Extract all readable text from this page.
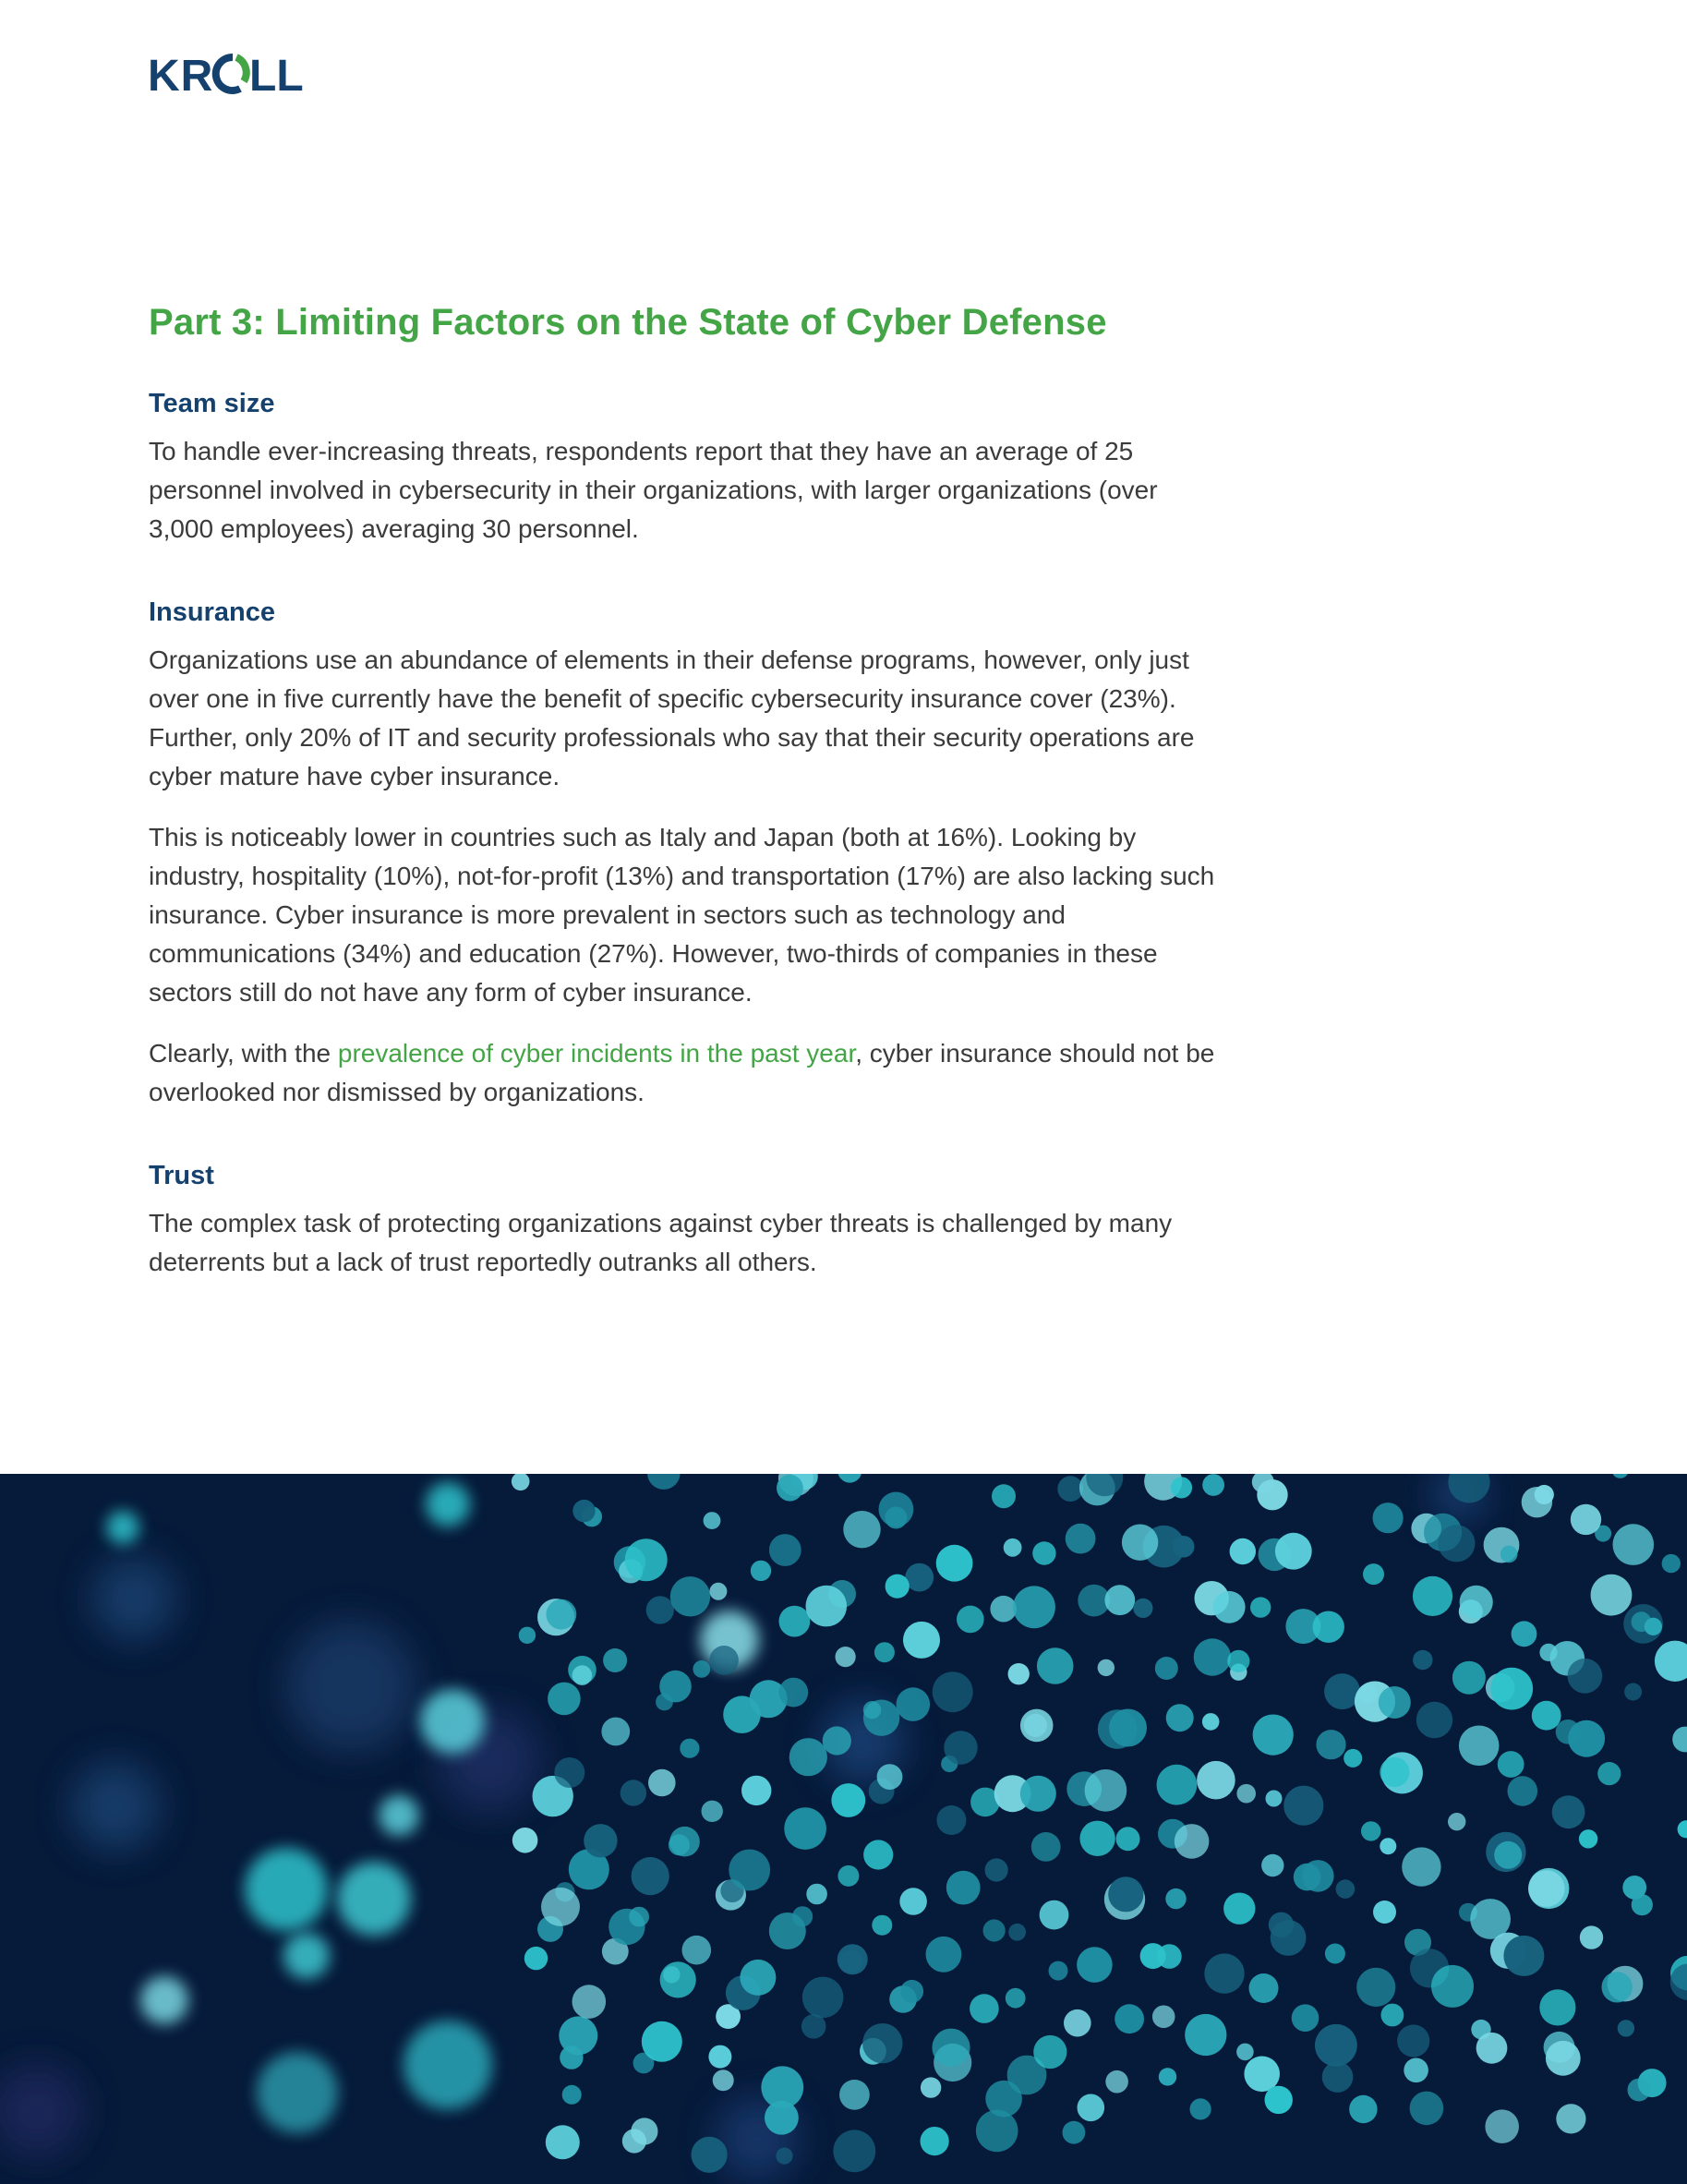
KR LL
Part 3: Limiting Factors on the State of Cyber Defense
Team size

To handle ever-increasing threats, respondents report that they have an average of 25 personnel involved in cybersecurity in their organizations, with larger organizations (over 3,000 employees) averaging 30 personnel.

Insurance

Organizations use an abundance of elements in their defense programs, however, only just over one in five currently have the benefit of specific cybersecurity insurance cover (23%). Further, only 20% of IT and security professionals who say that their security operations are cyber mature have cyber insurance.

This is noticeably lower in countries such as Italy and Japan (both at 16%). Looking by industry, hospitality (10%), not-for-profit (13%) and transportation (17%) are also lacking such insurance. Cyber insurance is more prevalent in sectors such as technology and communications (34%) and education (27%). However, two-thirds of companies in these sectors still do not have any form of cyber insurance.

Clearly, with the prevalence of cyber incidents in the past year, cyber insurance should not be overlooked nor dismissed by organizations.

Trust

The complex task of protecting organizations against cyber threats is challenged by many deterrents but a lack of trust reportedly outranks all others.
